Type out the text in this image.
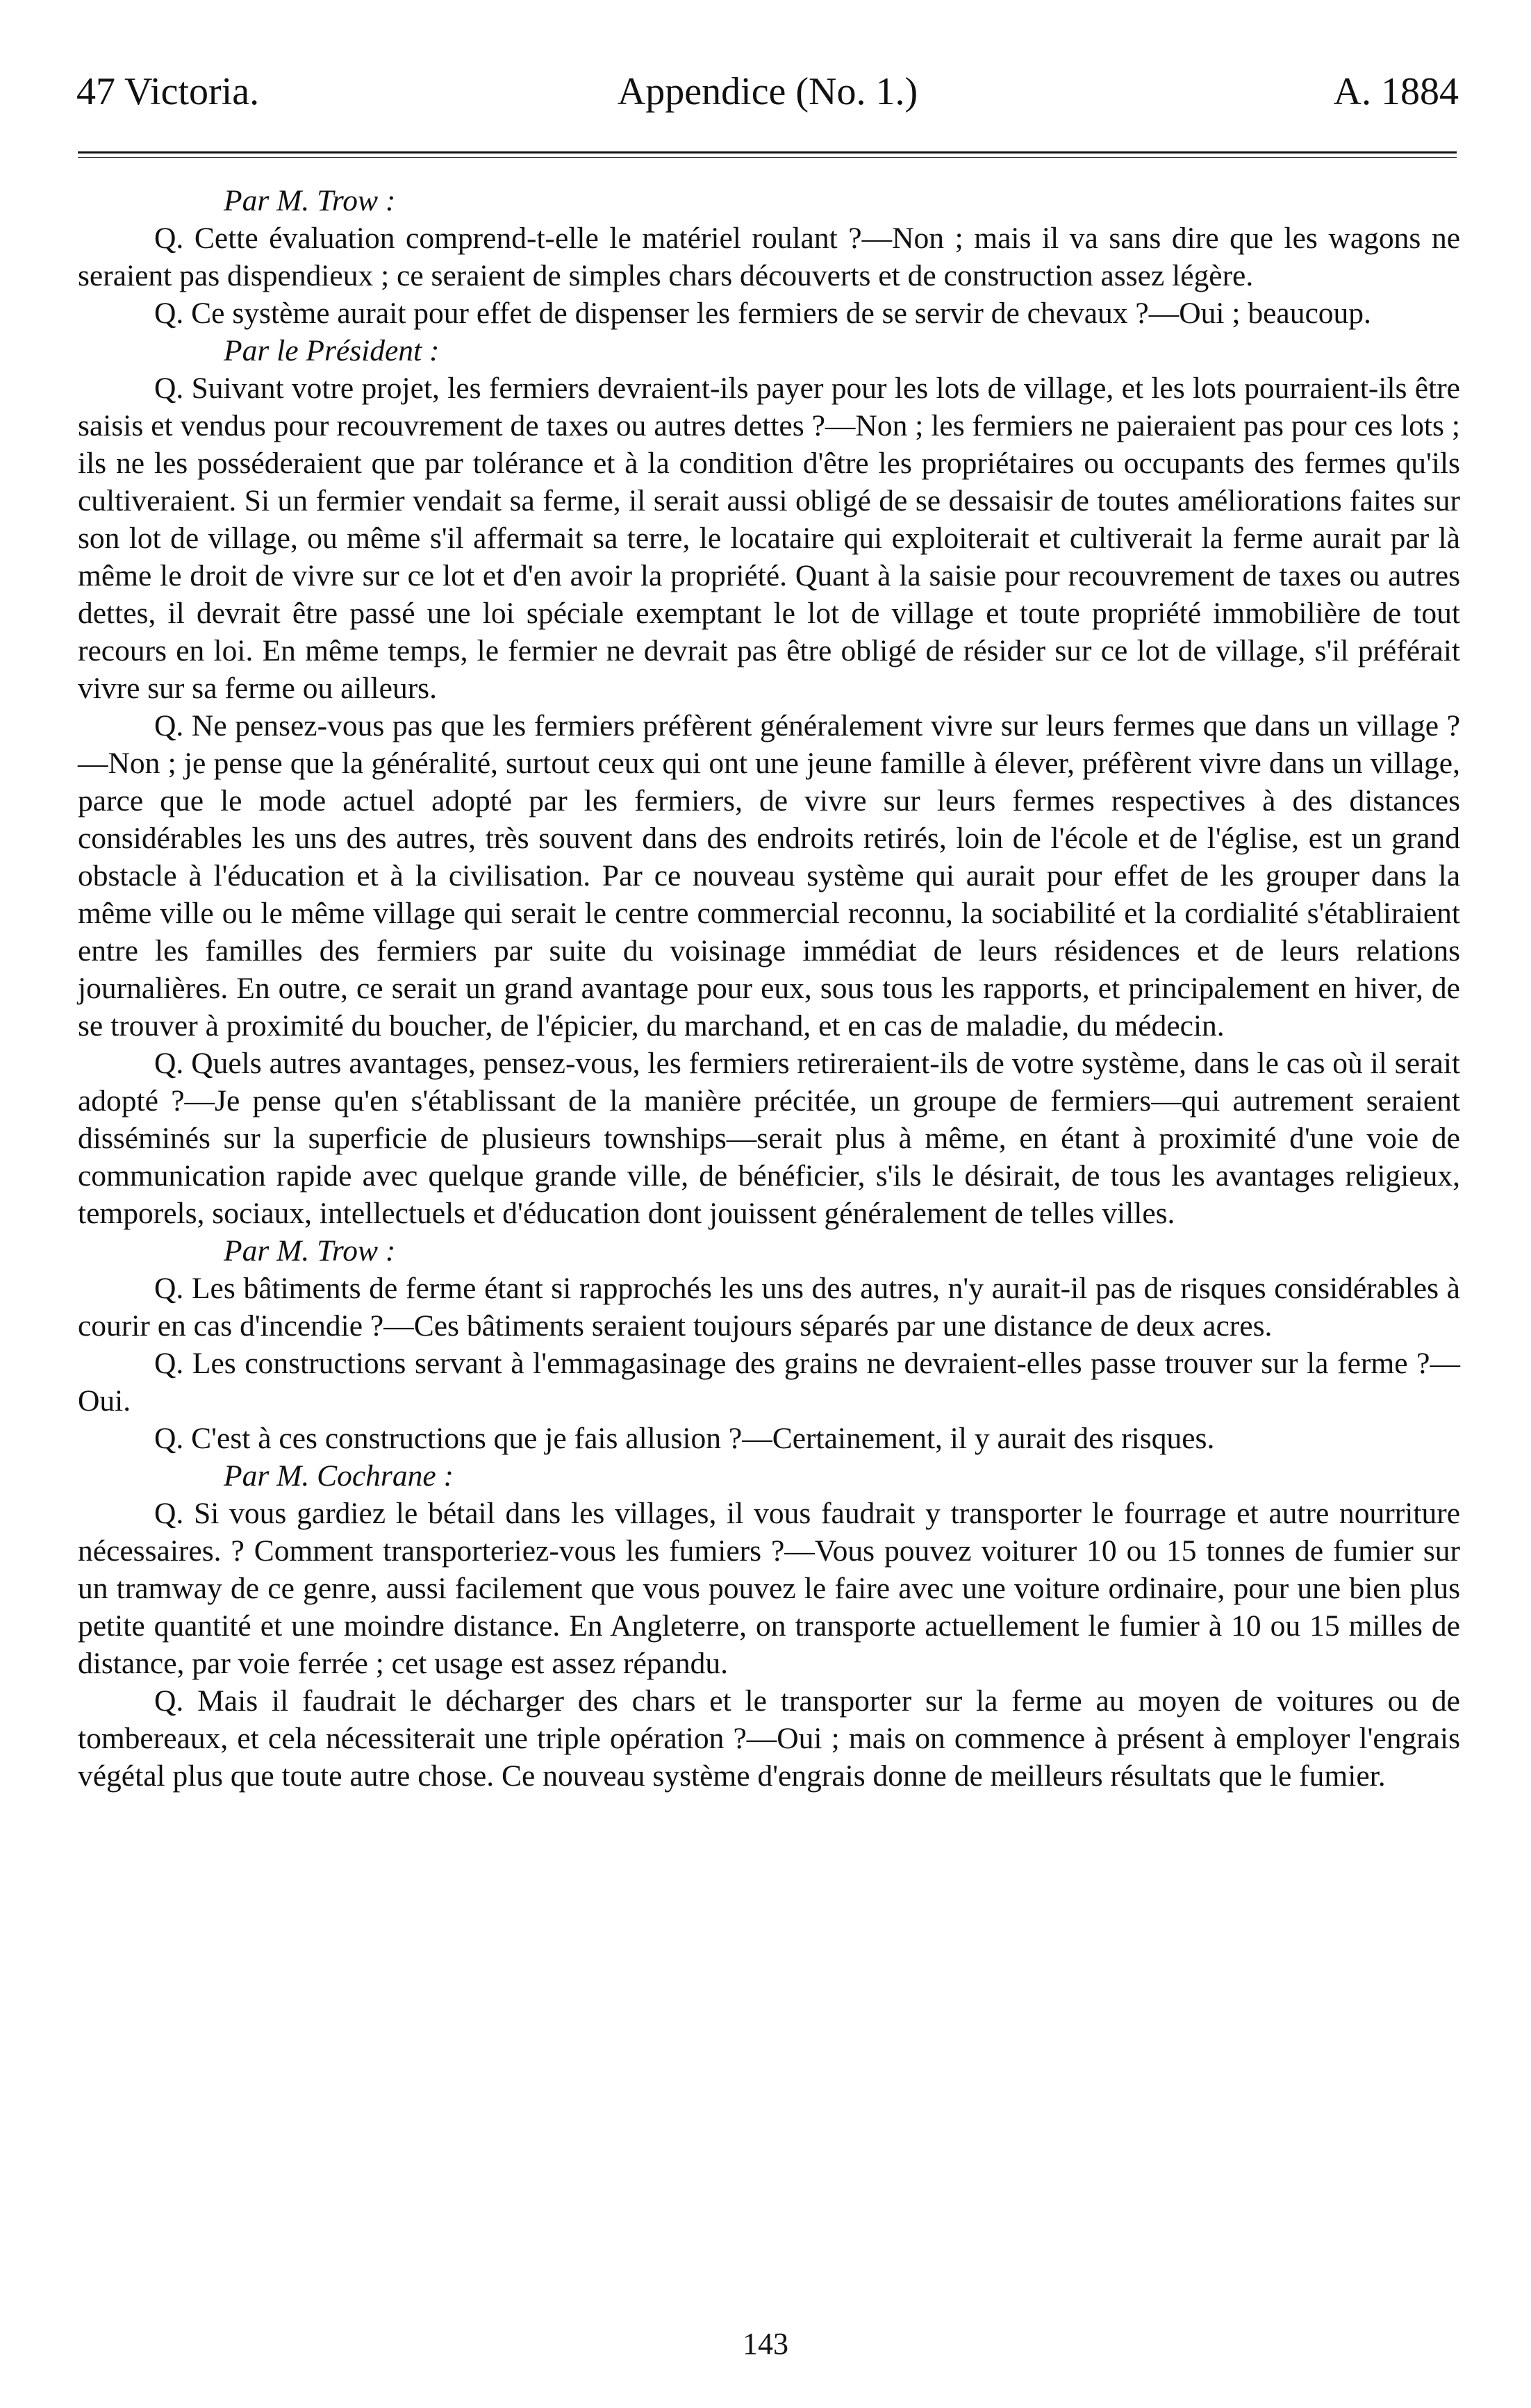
47 Victoria.	Appendice (No. 1.)	A. 1884

Par M. Trow :

Q. Cette évaluation comprend-t-elle le matériel roulant ?—Non ; mais il va sans dire que les wagons ne seraient pas dispendieux ; ce seraient de simples chars découverts et de construction assez légère.

Q. Ce système aurait pour effet de dispenser les fermiers de se servir de chevaux ?—Oui ; beaucoup.

Par le Président :

Q. Suivant votre projet, les fermiers devraient-ils payer pour les lots de village, et les lots pourraient-ils être saisis et vendus pour recouvrement de taxes ou autres dettes ?—Non ; les fermiers ne paieraient pas pour ces lots ; ils ne les posséderaient que par tolérance et à la condition d'être les propriétaires ou occupants des fermes qu'ils cultiveraient. Si un fermier vendait sa ferme, il serait aussi obligé de se dessaisir de toutes améliorations faites sur son lot de village, ou même s'il affermait sa terre, le locataire qui exploiterait et cultiverait la ferme aurait par là même le droit de vivre sur ce lot et d'en avoir la propriété. Quant à la saisie pour recouvrement de taxes ou autres dettes, il devrait être passé une loi spéciale exemptant le lot de village et toute propriété immobilière de tout recours en loi. En même temps, le fermier ne devrait pas être obligé de résider sur ce lot de village, s'il préférait vivre sur sa ferme ou ailleurs.

Q. Ne pensez-vous pas que les fermiers préfèrent généralement vivre sur leurs fermes que dans un village ?—Non ; je pense que la généralité, surtout ceux qui ont une jeune famille à élever, préfèrent vivre dans un village, parce que le mode actuel adopté par les fermiers, de vivre sur leurs fermes respectives à des distances considérables les uns des autres, très souvent dans des endroits retirés, loin de l'école et de l'église, est un grand obstacle à l'éducation et à la civilisation. Par ce nouveau système qui aurait pour effet de les grouper dans la même ville ou le même village qui serait le centre commercial reconnu, la sociabilité et la cordialité s'établiraient entre les familles des fermiers par suite du voisinage immédiat de leurs résidences et de leurs relations journalières. En outre, ce serait un grand avantage pour eux, sous tous les rapports, et principalement en hiver, de se trouver à proximité du boucher, de l'épicier, du marchand, et en cas de maladie, du médecin.

Q. Quels autres avantages, pensez-vous, les fermiers retireraient-ils de votre système, dans le cas où il serait adopté ?—Je pense qu'en s'établissant de la manière précitée, un groupe de fermiers—qui autrement seraient disséminés sur la superficie de plusieurs townships—serait plus à même, en étant à proximité d'une voie de communication rapide avec quelque grande ville, de bénéficier, s'ils le désirait, de tous les avantages religieux, temporels, sociaux, intellectuels et d'éducation dont jouissent généralement de telles villes.

Par M. Trow :

Q. Les bâtiments de ferme étant si rapprochés les uns des autres, n'y aurait-il pas de risques considérables à courir en cas d'incendie ?—Ces bâtiments seraient toujours séparés par une distance de deux acres.

Q. Les constructions servant à l'emmagasinage des grains ne devraient-elles passe trouver sur la ferme ?—Oui.

Q. C'est à ces constructions que je fais allusion ?—Certainement, il y aurait des risques.

Par M. Cochrane :

Q. Si vous gardiez le bétail dans les villages, il vous faudrait y transporter le fourrage et autre nourriture nécessaires. ? Comment transporteriez-vous les fumiers ?—Vous pouvez voiturer 10 ou 15 tonnes de fumier sur un tramway de ce genre, aussi facilement que vous pouvez le faire avec une voiture ordinaire, pour une bien plus petite quantité et une moindre distance. En Angleterre, on transporte actuellement le fumier à 10 ou 15 milles de distance, par voie ferrée ; cet usage est assez répandu.

Q. Mais il faudrait le décharger des chars et le transporter sur la ferme au moyen de voitures ou de tombereaux, et cela nécessiterait une triple opération ?—Oui ; mais on commence à présent à employer l'engrais végétal plus que toute autre chose. Ce nouveau système d'engrais donne de meilleurs résultats que le fumier.

143
